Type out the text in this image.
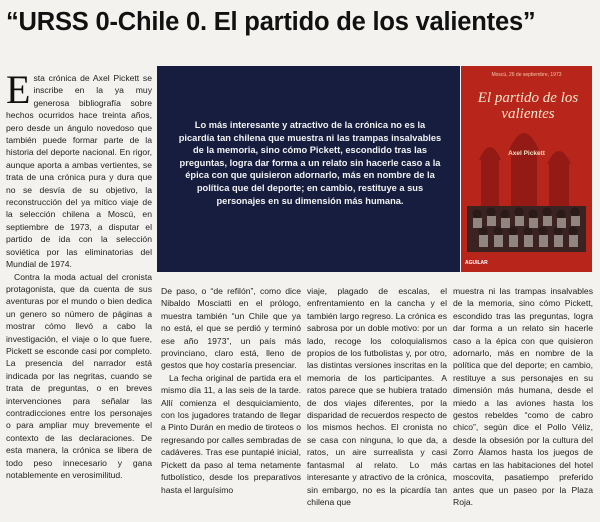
“URSS 0-Chile 0. El partido de los valientes”
E sta crónica de Axel Pickett se inscribe en la ya muy generosa bibliografía sobre hechos ocurridos hace treinta años, pero desde un ángulo novedoso que también puede formar parte de la historia del deporte nacional. En rigor, aunque aporta a ambas vertientes, se trata de una crónica pura y dura que no se desvía de su objetivo, la reconstrucción del ya mítico viaje de la selección chilena a Moscú, en septiembre de 1973, a disputar el partido de ida con la selección soviética por las eliminatorias del Mundial de 1974.

Contra la moda actual del cronista protagonista, que da cuenta de sus aventuras por el mundo o bien dedica un genero so número de páginas a mostrar cómo llevó a cabo la investigación, el viaje o lo que fuere, Pickett se esconde casi por completo. La presencia del narrador está indicada por las negritas, cuando se trata de preguntas, o en breves intervenciones para señalar las contradicciones entre los personajes o para ampliar muy brevemente el contexto de las declaraciones. De esta manera, la crónica se libera de todo peso innecesario y gana notablemente en verosimilitud.

Lo más interesante y atractivo de la crónica no es la picardía tan chilena que muestra ni las trampas insalvables de la memoria, sino cómo Pickett, escondido tras las preguntas, logra dar forma a un relato sin hacerle caso a la épica con que quisieron adornarlo, más en nombre de la política que del deporte; en cambio, restituye a sus personajes en su dimensión más humana.
Moscú, 26 de septiembre, 1973
El partido de los valientes
Axel Pickett
AGUILAR

De paso, o “de refilón”, como dice Nibaldo Mosciatti en el prólogo, muestra también “un Chile que ya no está, el que se perdió y terminó ese año 1973”, un país más provinciano, claro está, lleno de gestos que hoy costaría presenciar.

La fecha original de partida era el mismo día 11, a las seis de la tarde. Allí comienza el desquiciamiento, con los jugadores tratando de llegar a Pinto Durán en medio de tiroteos o regresando por calles sembradas de cadáveres. Tras ese puntapié inicial, Pickett da paso al tema netamente futbolístico, desde los preparativos hasta el larguísimo

viaje, plagado de escalas, el enfrentamiento en la cancha y el también largo regreso. La crónica es sabrosa por un doble motivo: por un lado, recoge los coloquialismos propios de los futbolistas y, por otro, las distintas versiones inscritas en la memoria de los participantes. A ratos parece que se hubiera tratado de dos viajes diferentes, por la disparidad de recuerdos respecto de los mismos hechos. El cronista no se casa con ninguna, lo que da, a ratos, un aire surrealista y casi fantasmal al relato. Lo más interesante y atractivo de la crónica, sin embargo, no es la picardía tan chilena que

muestra ni las trampas insalvables de la memoria, sino cómo Pickett, escondido tras las preguntas, logra dar forma a un relato sin hacerle caso a la épica con que quisieron adornarlo, más en nombre de la política que del deporte; en cambio, restituye a sus personajes en su dimensión más humana, desde el miedo a las aviones hasta los gestos rebeldes “como de cabro chico”, según dice el Pollo Véliz, desde la obsesión por la cultura del Zorro Álamos hasta los juegos de cartas en las habitaciones del hotel moscovita, pasatiempo preferido antes que un paseo por la Plaza Roja.
